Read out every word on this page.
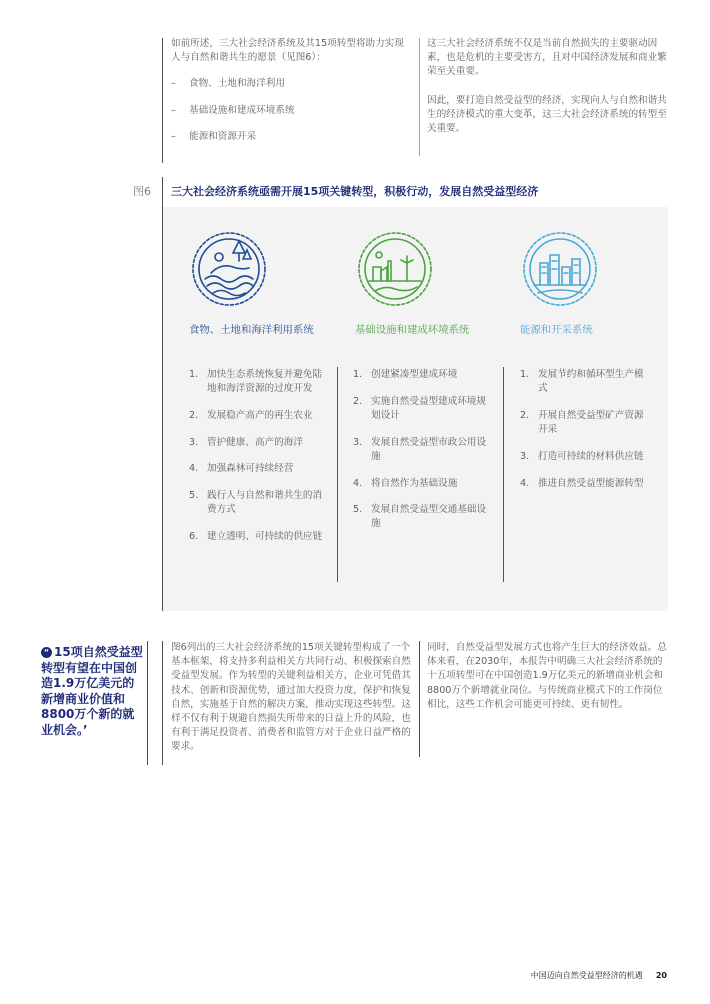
如前所述，三大社会经济系统及其15项转型将助力实现人与自然和谐共生的愿景（见图6）：

–	食物、土地和海洋利用
–	基础设施和建成环境系统
–	能源和资源开采

这三大社会经济系统不仅是当前自然损失的主要驱动因素，也是危机的主要受害方，且对中国经济发展和商业繁荣至关重要。

因此，要打造自然受益型的经济，实现向人与自然和谐共生的经济模式的重大变革，这三大社会经济系统的转型至关重要。

图6 三大社会经济系统亟需开展15项关键转型，积极行动，发展自然受益型经济
食物、土地和海洋利用系统	基础设施和建成环境系统	能源和开采系统
1. 加快生态系统恢复并避免陆地和海洋资源的过度开发
2. 发展稳产高产的再生农业
3. 管护健康、高产的海洋
4. 加强森林可持续经营
5. 践行人与自然和谐共生的消费方式
6. 建立透明、可持续的供应链
1. 创建紧凑型建成环境
2. 实施自然受益型建成环境规划设计
3. 发展自然受益型市政公用设施
4. 将自然作为基础设施
5. 发展自然受益型交通基础设施
1. 发展节约和循环型生产模式
2. 开展自然受益型矿产资源开采
3. 打造可持续的材料供应链
4. 推进自然受益型能源转型
“ 15项自然受益型转型有望在中国创造1.9万亿美元的新增商业价值和8800万个新的就业机会。’
图6列出的三大社会经济系统的15项关键转型构成了一个基本框架，将支持多利益相关方共同行动、积极探索自然受益型发展。作为转型的关键利益相关方，企业可凭借其技术、创新和资源优势，通过加大投资力度，保护和恢复自然，实施基于自然的解决方案，推动实现这些转型。这样不仅有利于规避自然损失所带来的日益上升的风险，也有利于满足投资者、消费者和监管方对于企业日益严格的要求。
同时，自然受益型发展方式也将产生巨大的经济效益。总体来看，在2030年，本报告中明确三大社会经济系统的十五项转型可在中国创造1.9万亿美元的新增商业机会和8800万个新增就业岗位。与传统商业模式下的工作岗位相比，这些工作机会可能更可持续、更有韧性。
中国迈向自然受益型经济的机遇 20
